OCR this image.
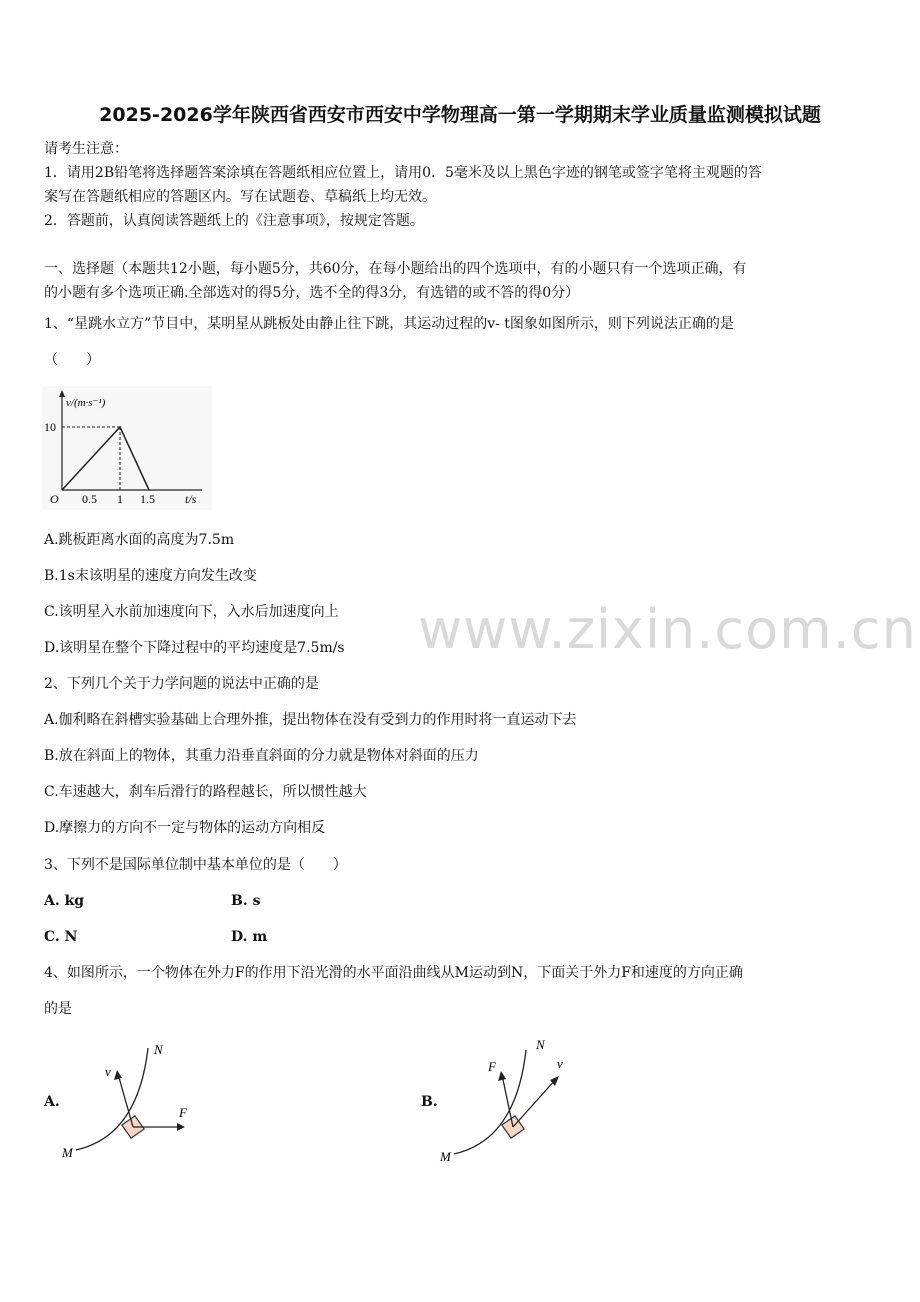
2025-2026学年陕西省西安市西安中学物理高一第一学期期末学业质量监测模拟试题
请考生注意：
1．请用2B铅笔将选择题答案涂填在答题纸相应位置上，请用0．5毫米及以上黑色字迹的钢笔或签字笔将主观题的答
案写在答题纸相应的答题区内。写在试题卷、草稿纸上均无效。
2．答题前，认真阅读答题纸上的《注意事项》，按规定答题。
一、选择题（本题共12小题，每小题5分，共60分，在每小题给出的四个选项中，有的小题只有一个选项正确，有
的小题有多个选项正确.全部选对的得5分，选不全的得3分，有选错的或不答的得0分）
1、“星跳水立方”节目中，某明星从跳板处由静止往下跳，其运动过程的v- t图象如图所示，则下列说法正确的是
（　　）
v/(m·s⁻¹)
10
O 0.5 1 1.5	t/s
A.跳板距离水面的高度为7.5m
B.1s末该明星的速度方向发生改变
C.该明星入水前加速度向下，入水后加速度向上
D.该明星在整个下降过程中的平均速度是7.5m/s
2、下列几个关于力学问题的说法中正确的是
A.伽利略在斜槽实验基础上合理外推，提出物体在没有受到力的作用时将一直运动下去
B.放在斜面上的物体，其重力沿垂直斜面的分力就是物体对斜面的压力
C.车速越大，刹车后滑行的路程越长，所以惯性越大
D.摩擦力的方向不一定与物体的运动方向相反
3、下列不是国际单位制中基本单位的是（　　）
A. kg	B. s
C. N	D. m
4、如图所示，一个物体在外力F的作用下沿光滑的水平面沿曲线从M运动到N，下面关于外力F和速度的方向正确
的是
A.
N
M
v
F
B.
N
M
v
F
www.zixin.com.cn
